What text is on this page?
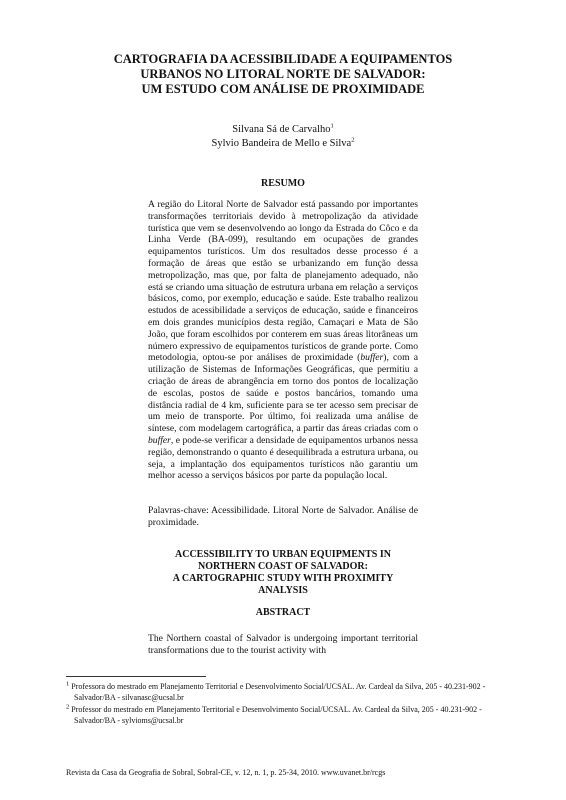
CARTOGRAFIA DA ACESSIBILIDADE A EQUIPAMENTOS
URBANOS NO LITORAL NORTE DE SALVADOR:
UM ESTUDO COM ANÁLISE DE PROXIMIDADE
Silvana Sá de Carvalho$^1$
Sylvio Bandeira de Mello e Silva$^2$
RESUMO

A região do Litoral Norte de Salvador está passando por importantes transformações territoriais devido à metropolização da atividade turística que vem se desenvolvendo ao longo da Estrada do Côco e da Linha Verde (BA-099), resultando em ocupações de grandes equipamentos turísticos. Um dos resultados desse processo é a formação de áreas que estão se urbanizando em função dessa metropolização, mas que, por falta de planejamento adequado, não está se criando uma situação de estrutura urbana em relação a serviços básicos, como, por exemplo, educação e saúde. Este trabalho realizou estudos de acessibilidade a serviços de educação, saúde e financeiros em dois grandes municípios desta região, Camaçari e Mata de São João, que foram escolhidos por conterem em suas áreas litorâneas um número expressivo de equipamentos turísticos de grande porte. Como metodologia, optou-se por análises de proximidade (buffer), com a utilização de Sistemas de Informações Geográficas, que permitiu a criação de áreas de abrangência em torno dos pontos de localização de escolas, postos de saúde e postos bancários, tomando uma distância radial de 4 km, suficiente para se ter acesso sem precisar de um meio de transporte. Por último, foi realizada uma análise de síntese, com modelagem cartográfica, a partir das áreas criadas com o buffer, e pode-se verificar a densidade de equipamentos urbanos nessa região, demonstrando o quanto é desequilibrada a estrutura urbana, ou seja, a implantação dos equipamentos turísticos não garantiu um melhor acesso a serviços básicos por parte da população local.

Palavras-chave: Acessibilidade. Litoral Norte de Salvador. Análise de proximidade.

ACCESSIBILITY TO URBAN EQUIPMENTS IN
NORTHERN COAST OF SALVADOR:
A CARTOGRAPHIC STUDY WITH PROXIMITY
ANALYSIS
ABSTRACT

The Northern coastal of Salvador is undergoing important territorial transformations due to the tourist activity with

$^1$ Professora do mestrado em Planejamento Territorial e Desenvolvimento Social/UCSAL. Av. Cardeal da Silva, 205 - 40.231-902 - Salvador/BA - silvanasc@ucsal.br

$^2$ Professor do mestrado em Planejamento Territorial e Desenvolvimento Social/UCSAL. Av. Cardeal da Silva, 205 - 40.231-902 - Salvador/BA - sylvioms@ucsal.br

Revista da Casa da Geografia de Sobral, Sobral-CE, v. 12, n. 1, p. 25-34, 2010. www.uvanet.br/rcgs
